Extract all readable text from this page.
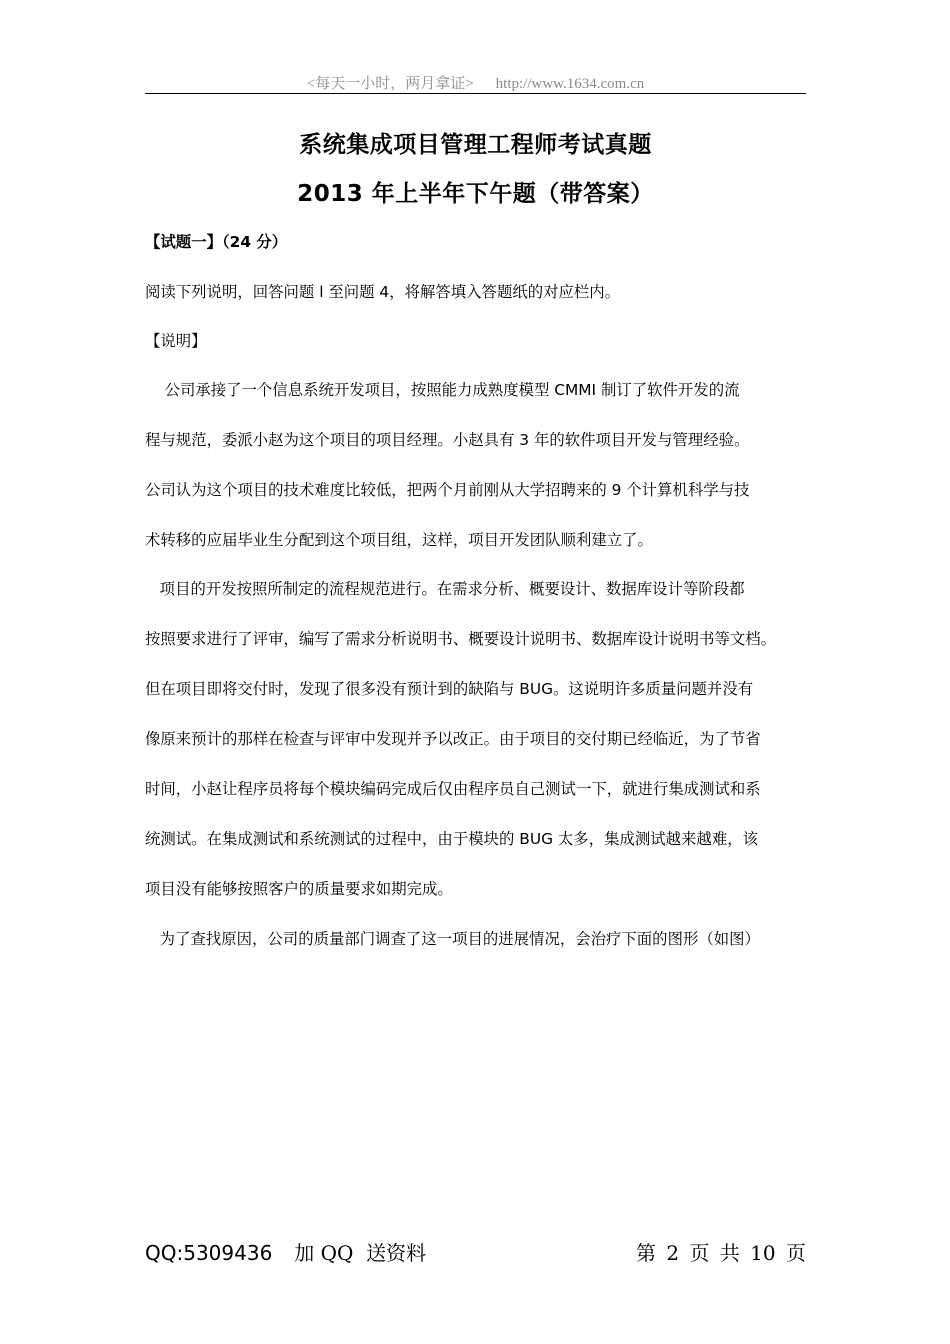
<每天一小时，两月拿证> http://www.1634.com.cn
系统集成项目管理工程师考试真题
2013 年上半年下午题（带答案）
【试题一】（24 分）
阅读下列说明，回答问题 l 至问题 4，将解答填入答题纸的对应栏内。
【说明】
公司承接了一个信息系统开发项目，按照能力成熟度模型 CMMI 制订了软件开发的流
程与规范，委派小赵为这个项目的项目经理。小赵具有 3 年的软件项目开发与管理经验。
公司认为这个项目的技术难度比较低，把两个月前刚从大学招聘来的 9 个计算机科学与技
术转移的应届毕业生分配到这个项目组，这样，项目开发团队顺利建立了。
项目的开发按照所制定的流程规范进行。在需求分析、概要设计、数据库设计等阶段都
按照要求进行了评审，编写了需求分析说明书、概要设计说明书、数据库设计说明书等文档。
但在项目即将交付时，发现了很多没有预计到的缺陷与 BUG。这说明许多质量问题并没有
像原来预计的那样在检查与评审中发现并予以改正。由于项目的交付期已经临近，为了节省
时间，小赵让程序员将每个模块编码完成后仅由程序员自己测试一下，就进行集成测试和系
统测试。在集成测试和系统测试的过程中，由于模块的 BUG 太多，集成测试越来越难，该
项目没有能够按照客户的质量要求如期完成。
为了查找原因，公司的质量部门调查了这一项目的进展情况，会治疗下面的图形（如图）
QQ:5309436 加 QQ  送资料	第 2 页 共 10 页
